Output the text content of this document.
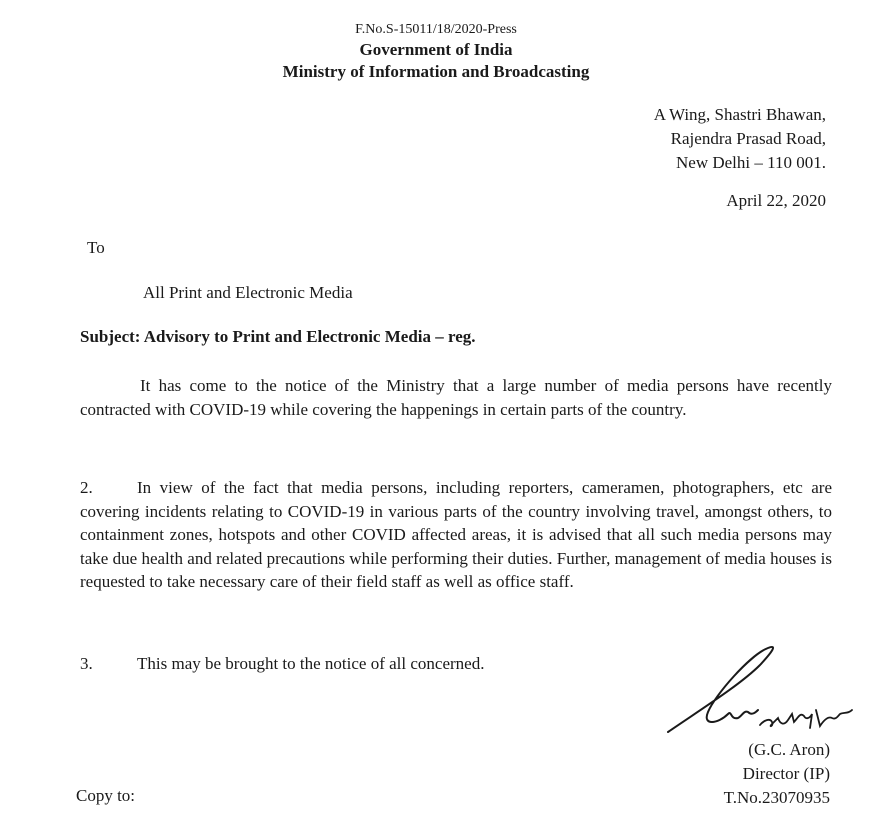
F.No.S-15011/18/2020-Press
Government of India
Ministry of Information and Broadcasting
A Wing, Shastri Bhawan,
Rajendra Prasad Road,
New Delhi – 110 001.
April 22, 2020
To
All Print and Electronic Media
Subject: Advisory to Print and Electronic Media – reg.

It has come to the notice of the Ministry that a large number of media persons have recently contracted with COVID-19 while covering the happenings in certain parts of the country.

2.	In view of the fact that media persons, including reporters, cameramen, photographers, etc are covering incidents relating to COVID-19 in various parts of the country involving travel, amongst others, to containment zones, hotspots and other COVID affected areas, it is advised that all such media persons may take due health and related precautions while performing their duties. Further, management of media houses is requested to take necessary care of their field staff as well as office staff.

3.	This may be brought to the notice of all concerned.

(G.C. Aron)
Director (IP)
T.No.23070935
Copy to:
